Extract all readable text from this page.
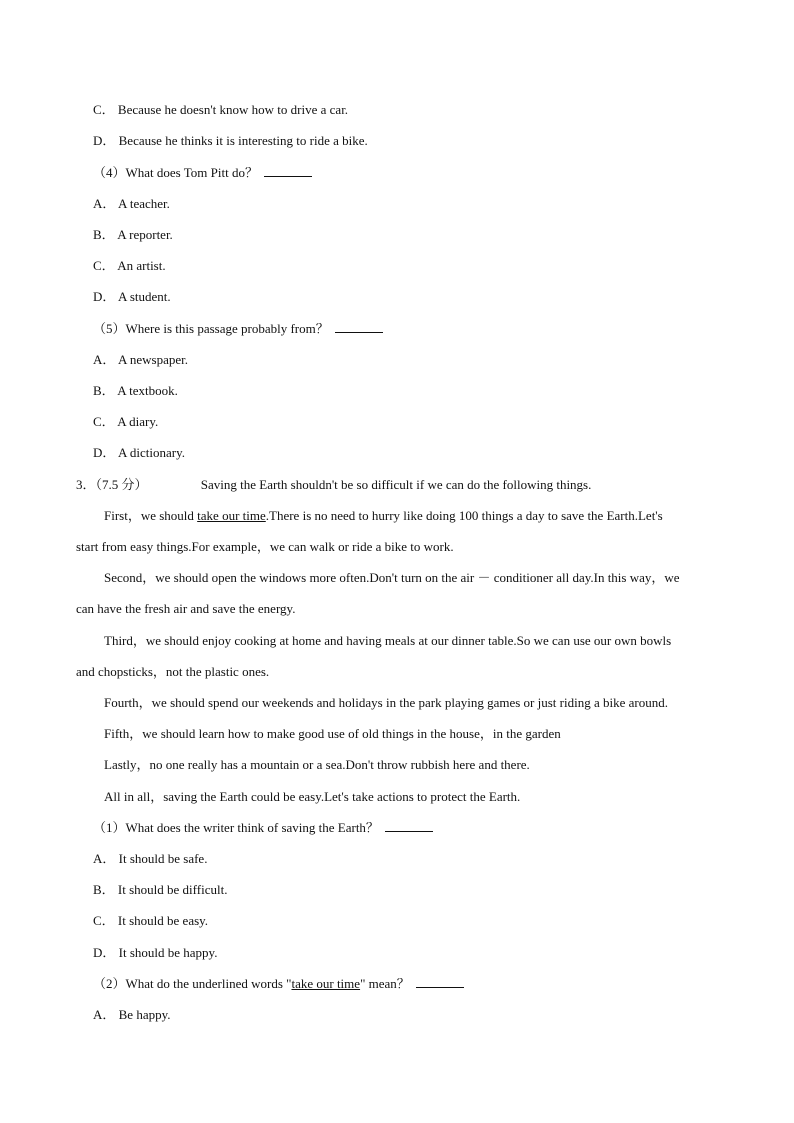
C． Because he doesn't know how to drive a car.
D． Because he thinks it is interesting to ride a bike.
（4）What does Tom Pitt do？
A． A teacher.
B． A reporter.
C． An artist.
D． A student.
（5）Where is this passage probably from？
A． A newspaper.
B． A textbook.
C． A diary.
D． A dictionary.
3．（7.5 分）	Saving the Earth shouldn't be so difficult if we can do the following things.
First，we should take our time.There is no need to hurry like doing 100 things a day to save the Earth.Let's
start from easy things.For example，we can walk or ride a bike to work.
Second，we should open the windows more often.Don't turn on the air － conditioner all day.In this way，we
can have the fresh air and save the energy.
Third，we should enjoy cooking at home and having meals at our dinner table.So we can use our own bowls
and chopsticks，not the plastic ones.
Fourth，we should spend our weekends and holidays in the park playing games or just riding a bike around.
Fifth，we should learn how to make good use of old things in the house，in the garden
Lastly，no one really has a mountain or a sea.Don't throw rubbish here and there.
All in all，saving the Earth could be easy.Let's take actions to protect the Earth.
（1）What does the writer think of saving the Earth？
A． It should be safe.
B． It should be difficult.
C． It should be easy.
D． It should be happy.
（2）What do the underlined words "take our time" mean？
A． Be happy.
